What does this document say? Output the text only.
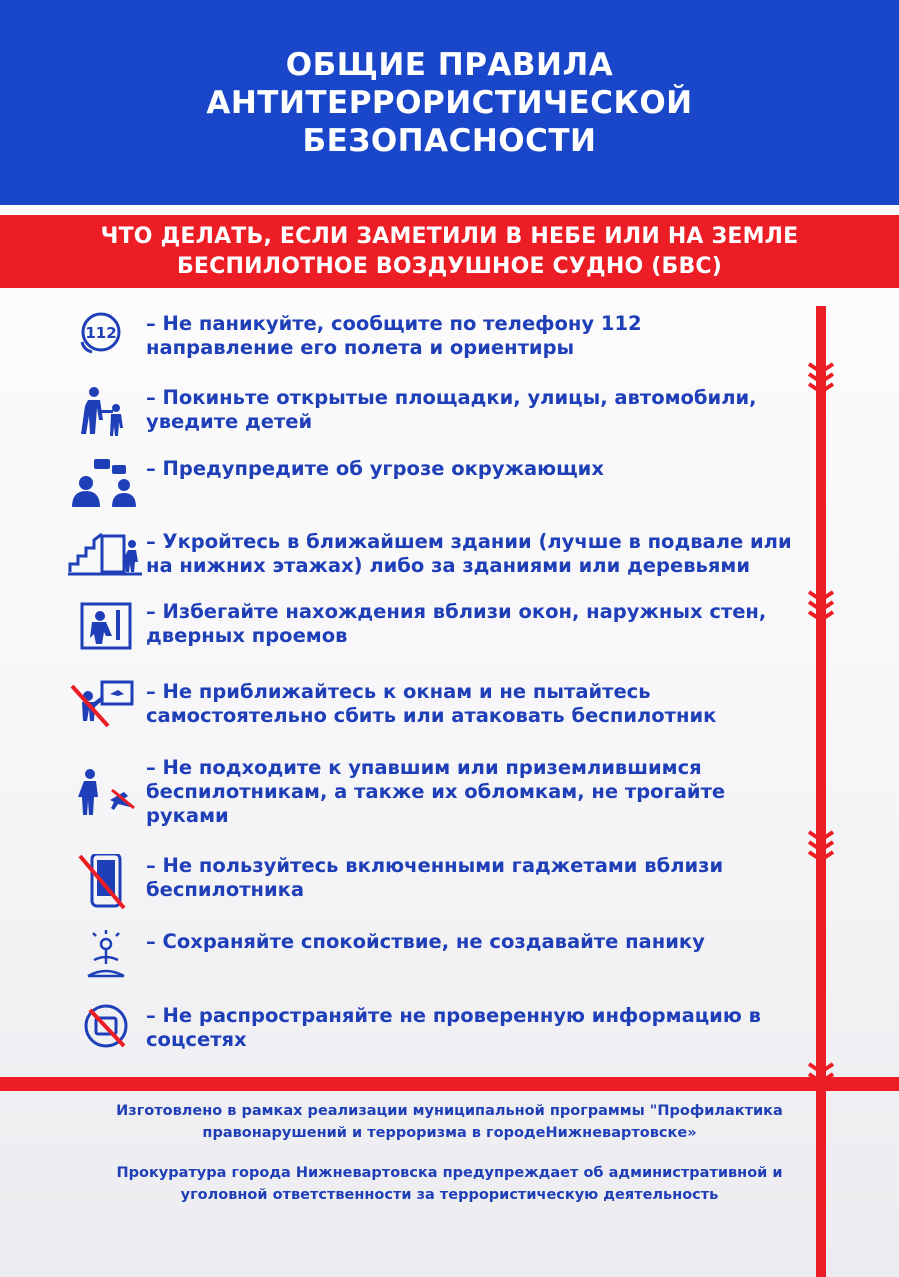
ОБЩИЕ ПРАВИЛА
АНТИТЕРРОРИСТИЧЕСКОЙ
БЕЗОПАСНОСТИ
ЧТО ДЕЛАТЬ, ЕСЛИ ЗАМЕТИЛИ В НЕБЕ ИЛИ НА ЗЕМЛЕ
БЕСПИЛОТНОЕ ВОЗДУШНОЕ СУДНО (БВС)
112 – Не паникуйте, сообщите по телефону 112
направление его полета и ориентиры
– Покиньте открытые площадки, улицы, автомобили,
уведите детей
– Предупредите об угрозе окружающих
– Укройтесь в ближайшем здании (лучше в подвале или
на нижних этажах) либо за зданиями или деревьями
– Избегайте нахождения вблизи окон, наружных стен,
дверных проемов
– Не приближайтесь к окнам и не пытайтесь
самостоятельно сбить или атаковать беспилотник
– Не подходите к упавшим или приземлившимся
беспилотникам, а также их обломкам, не трогайте
руками
– Не пользуйтесь включенными гаджетами вблизи
беспилотника
– Сохраняйте спокойствие, не создавайте панику
– Не распространяйте не проверенную информацию в
соцсетях
Изготовлено в рамках реализации муниципальной программы "Профилактика
правонарушений и терроризма в городеНижневартовске»
Прокуратура города Нижневартовска предупреждает об административной и
уголовной ответственности за террористическую деятельность
